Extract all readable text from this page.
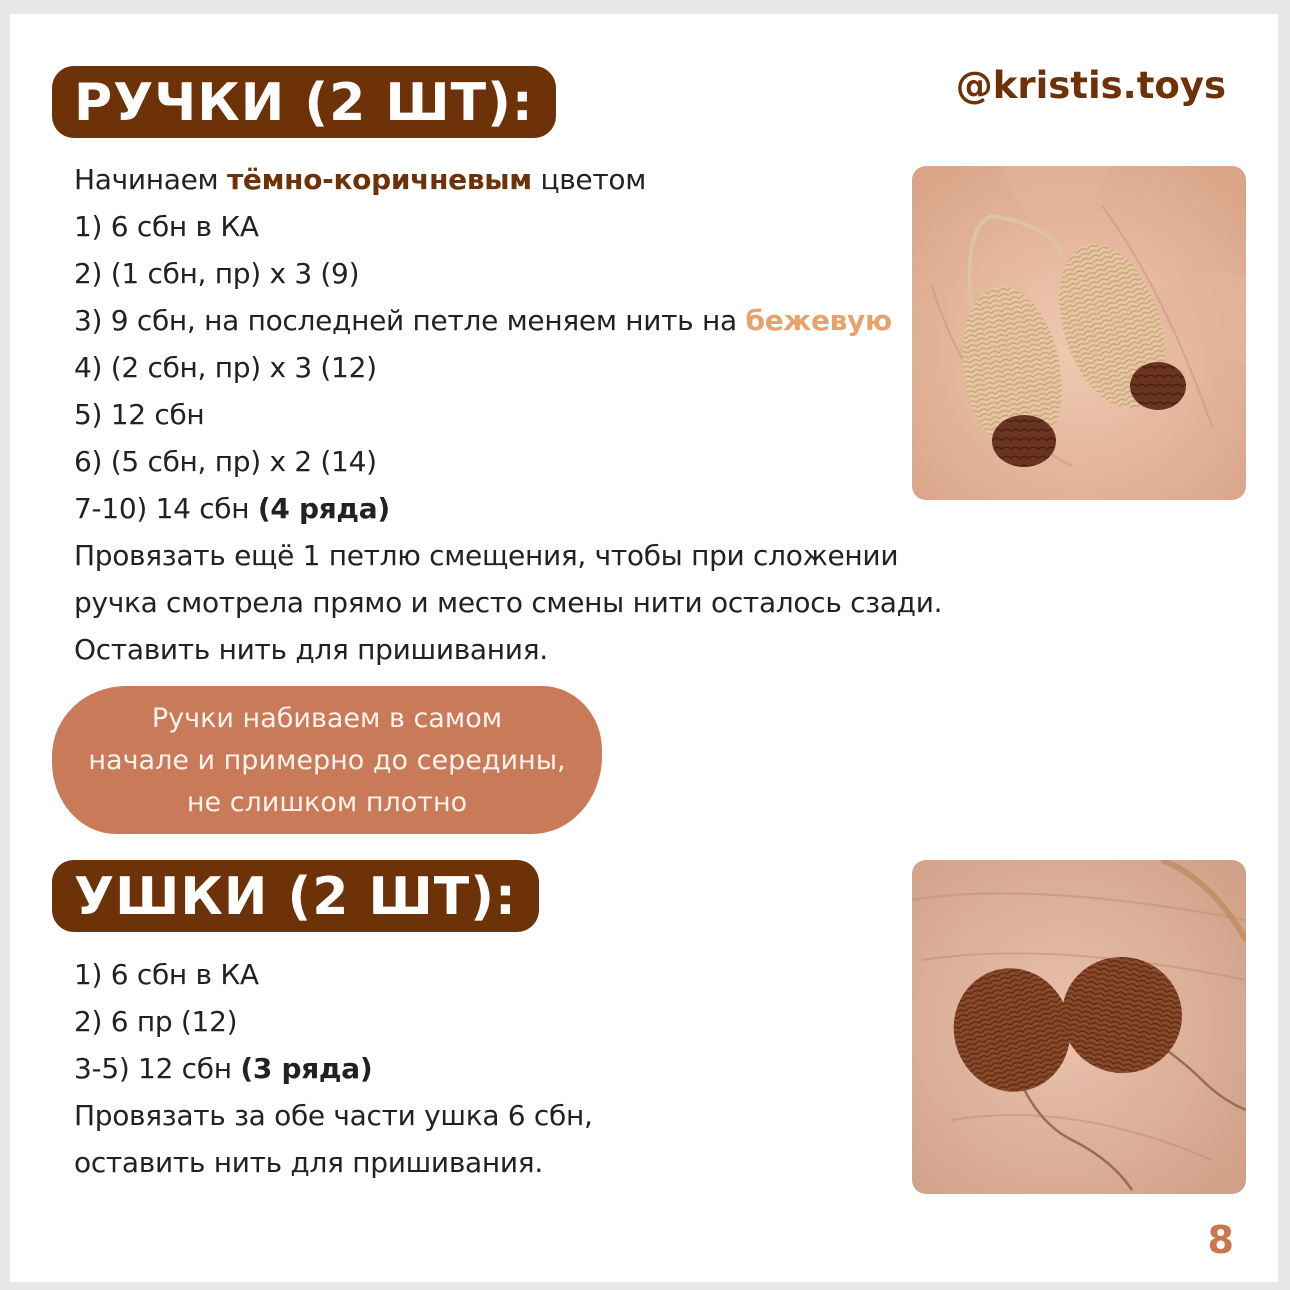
РУЧКИ (2 ШТ):	@kristis.toys
Начинаем тёмно-коричневым цветом
1) 6 сбн в КА
2) (1 сбн, пр) х 3 (9)
3) 9 сбн, на последней петле меняем нить на бежевую
4) (2 сбн, пр) х 3 (12)
5) 12 сбн
6) (5 сбн, пр) х 2 (14)
7-10) 14 сбн (4 ряда)
Провязать ещё 1 петлю смещения, чтобы при сложении
ручка смотрела прямо и место смены нити осталось сзади.
Оставить нить для пришивания.
Ручки набиваем в самом
начале и примерно до середины,
не слишком плотно
УШКИ (2 ШТ):
1) 6 сбн в КА
2) 6 пр (12)
3-5) 12 сбн (3 ряда)
Провязать за обе части ушка 6 сбн,
оставить нить для пришивания.
8
